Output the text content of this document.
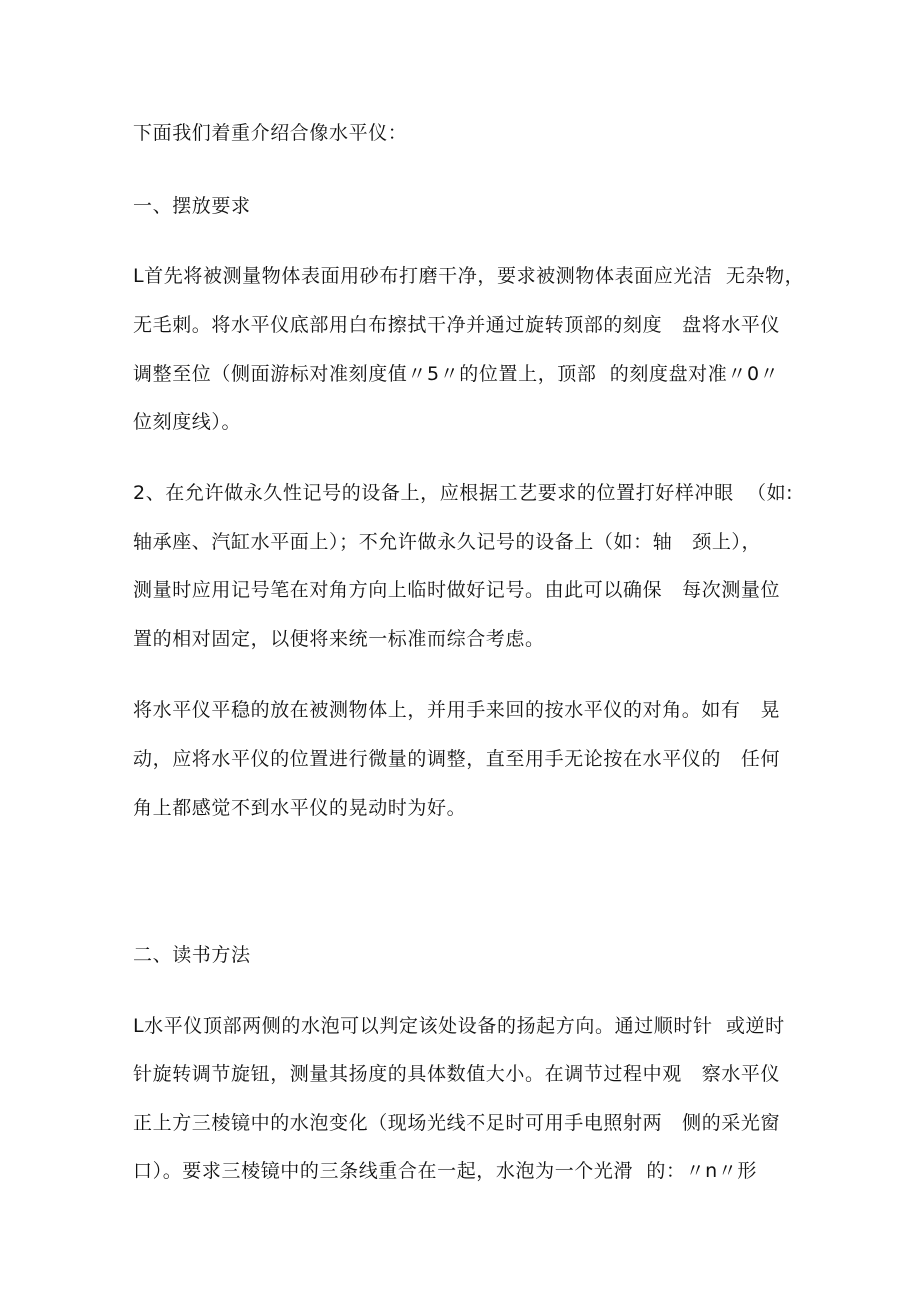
下面我们着重介绍合像水平仪：
一、摆放要求
L首先将被测量物体表面用砂布打磨干净，要求被测物体表面应光洁  无杂物，
无毛刺。将水平仪底部用白布擦拭干净并通过旋转顶部的刻度   盘将水平仪
调整至位（侧面游标对准刻度值〃5〃的位置上，顶部  的刻度盘对准〃0〃
位刻度线）。
2、在允许做永久性记号的设备上，应根据工艺要求的位置打好样冲眼  （如:
轴承座、汽缸水平面上）；不允许做永久记号的设备上（如：轴   颈上），
测量时应用记号笔在对角方向上临时做好记号。由此可以确保   每次测量位
置的相对固定，以便将来统一标准而综合考虑。
将水平仪平稳的放在被测物体上，并用手来回的按水平仪的对角。如有   晃
动，应将水平仪的位置进行微量的调整，直至用手无论按在水平仪的   任何
角上都感觉不到水平仪的晃动时为好。
二、读书方法
L水平仪顶部两侧的水泡可以判定该处设备的扬起方向。通过顺时针  或逆时
针旋转调节旋钮，测量其扬度的具体数值大小。在调节过程中观   察水平仪
正上方三棱镜中的水泡变化（现场光线不足时可用手电照射两   侧的采光窗
口）。要求三棱镜中的三条线重合在一起，水泡为一个光滑  的：〃n〃形
